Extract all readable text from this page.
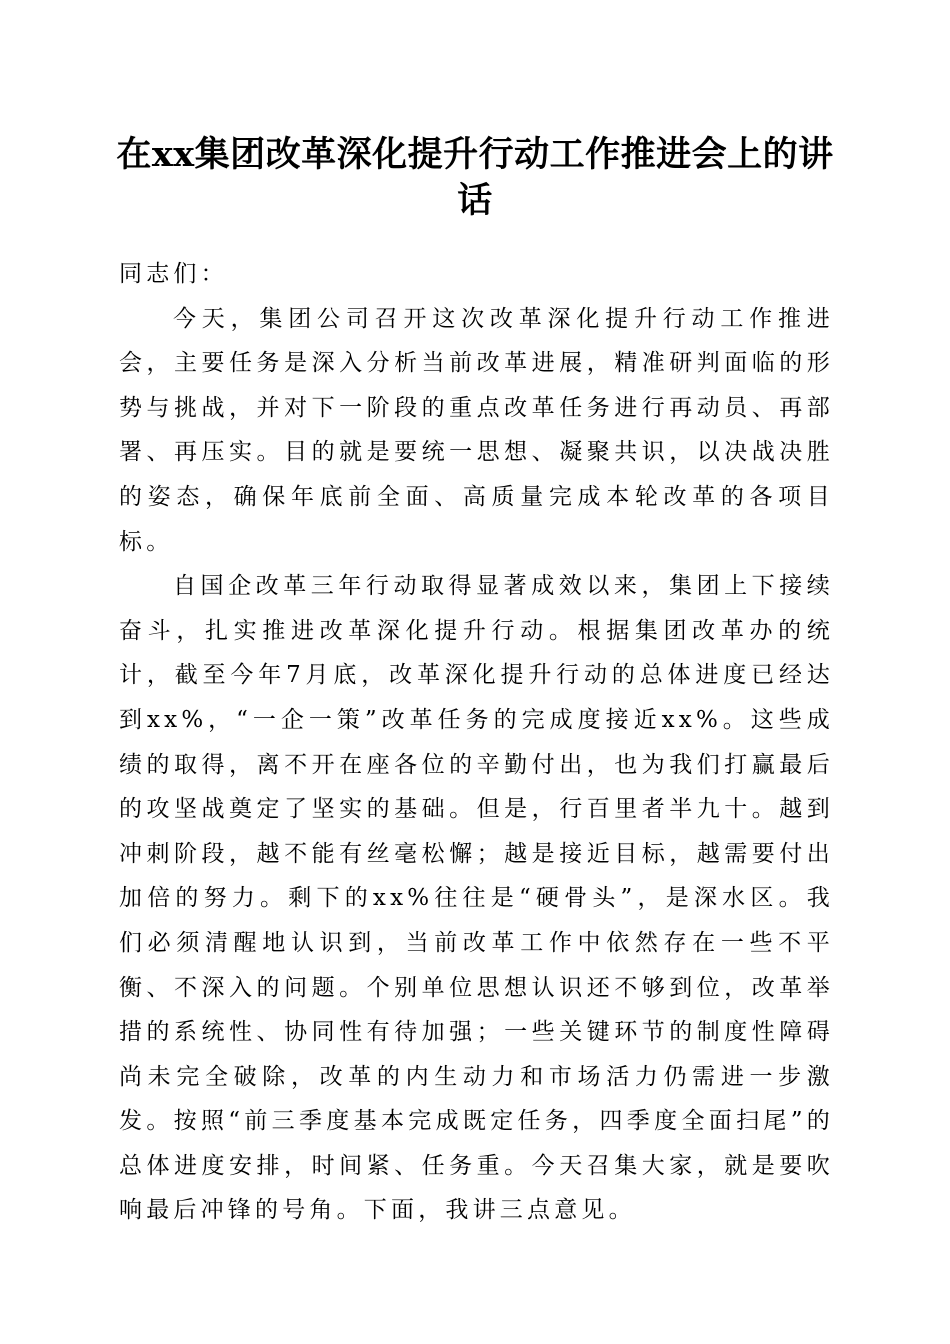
在xx集团改革深化提升行动工作推进会上的讲话

同志们：

今天，集团公司召开这次改革深化提升行动工作推进会，主要任务是深入分析当前改革进展，精准研判面临的形势与挑战，并对下一阶段的重点改革任务进行再动员、再部署、再压实。目的就是要统一思想、凝聚共识，以决战决胜的姿态，确保年底前全面、高质量完成本轮改革的各项目标。

自国企改革三年行动取得显著成效以来，集团上下接续奋斗，扎实推进改革深化提升行动。根据集团改革办的统计，截至今年7月底，改革深化提升行动的总体进度已经达到xx%，“一企一策”改革任务的完成度接近xx%。这些成绩的取得，离不开在座各位的辛勤付出，也为我们打赢最后的攻坚战奠定了坚实的基础。但是，行百里者半九十。越到冲刺阶段，越不能有丝毫松懈；越是接近目标，越需要付出加倍的努力。剩下的xx%往往是“硬骨头”，是深水区。我们必须清醒地认识到，当前改革工作中依然存在一些不平衡、不深入的问题。个别单位思想认识还不够到位，改革举措的系统性、协同性有待加强；一些关键环节的制度性障碍尚未完全破除，改革的内生动力和市场活力仍需进一步激发。按照“前三季度基本完成既定任务，四季度全面扫尾”的总体进度安排，时间紧、任务重。今天召集大家，就是要吹响最后冲锋的号角。下面，我讲三点意见。
